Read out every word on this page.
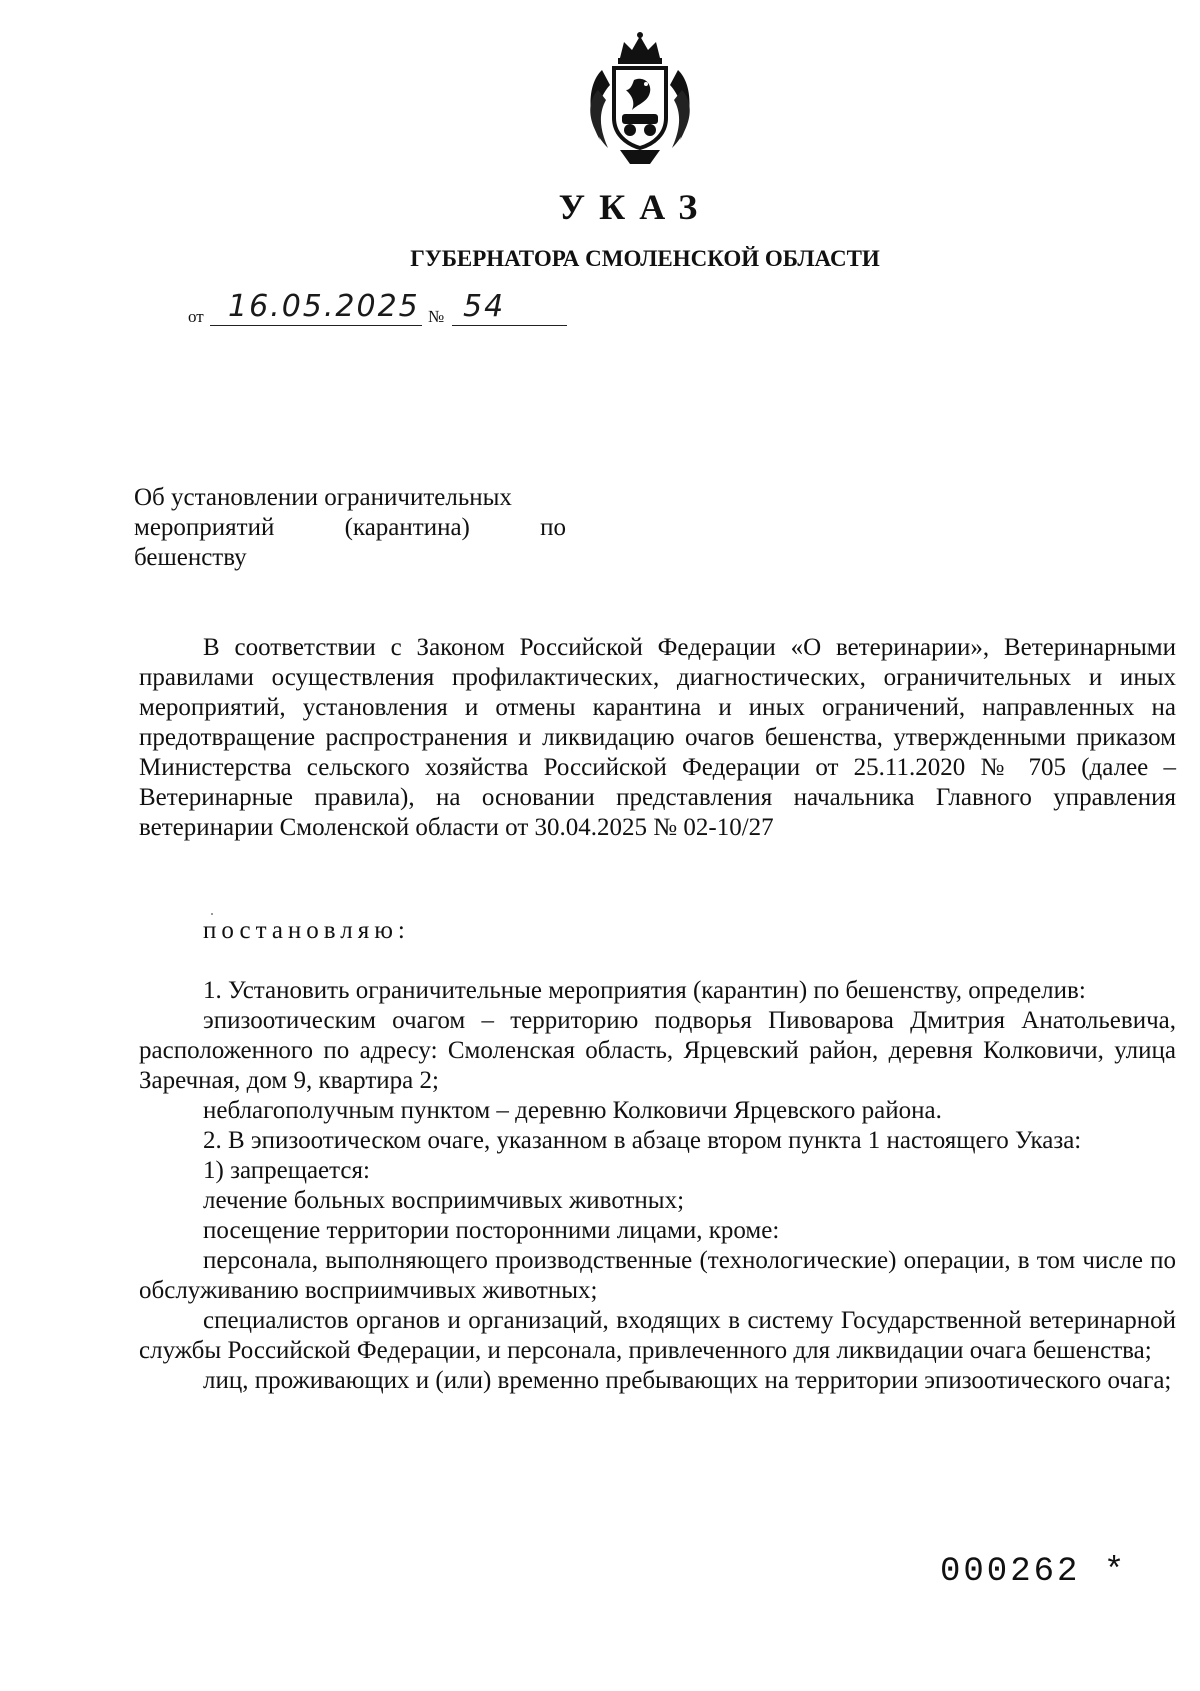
УКАЗ
ГУБЕРНАТОРА СМОЛЕНСКОЙ ОБЛАСТИ
от 16.05.2025 № 54
Об установлении ограничительных
мероприятий (карантина) по
бешенству

В соответствии с Законом Российской Федерации «О ветеринарии», Ветеринарными правилами осуществления профилактических, диагностических, ограничительных и иных мероприятий, установления и отмены карантина и иных ограничений, направленных на предотвращение распространения и ликвидацию очагов бешенства, утвержденными приказом Министерства сельского хозяйства Российской Федерации от 25.11.2020 № 705 (далее – Ветеринарные правила), на основании представления начальника Главного управления ветеринарии Смоленской области от 30.04.2025 № 02-10/27

постановляю:

1. Установить ограничительные мероприятия (карантин) по бешенству, определив:

эпизоотическим очагом – территорию подворья Пивоварова Дмитрия Анатольевича, расположенного по адресу: Смоленская область, Ярцевский район, деревня Колковичи, улица Заречная, дом 9, квартира 2;

неблагополучным пунктом – деревню Колковичи Ярцевского района.

2. В эпизоотическом очаге, указанном в абзаце втором пункта 1 настоящего Указа:

1) запрещается:

лечение больных восприимчивых животных;

посещение территории посторонними лицами, кроме:

персонала, выполняющего производственные (технологические) операции, в том числе по обслуживанию восприимчивых животных;

специалистов органов и организаций, входящих в систему Государственной ветеринарной службы Российской Федерации, и персонала, привлеченного для ликвидации очага бешенства;

лиц, проживающих и (или) временно пребывающих на территории эпизоотического очага;

000262 *
